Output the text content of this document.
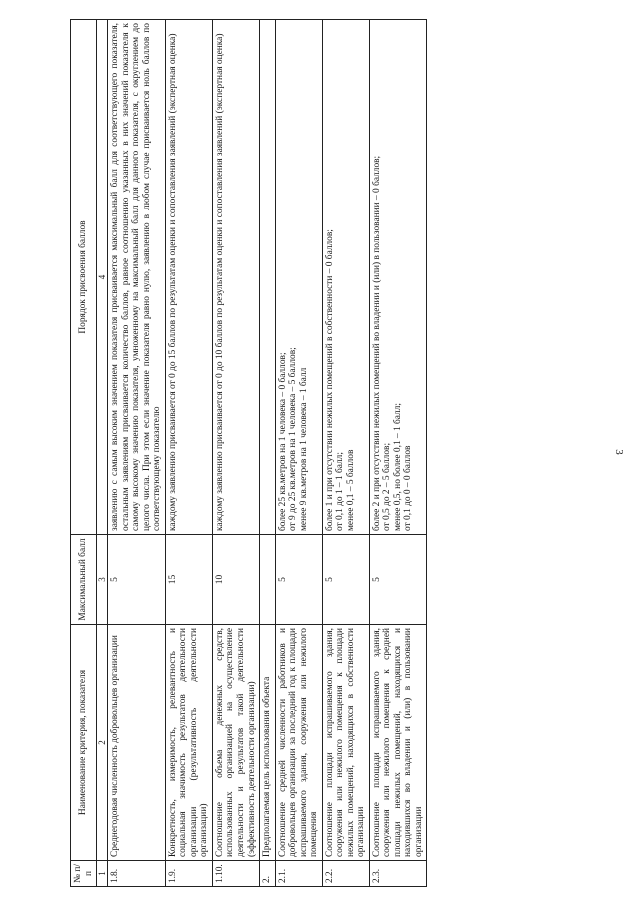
3
№ п/п	Наименование критерия, показателя	Максимальный балл	Порядок присвоения баллов
1	2	3	4
1.8.	Среднегодовая численность добровольцев организации	5	заявлению с самым высоким значением показателя присваивается максимальный балл для соответствующего показателя, остальным заявлениям присваивается количество баллов, равное соотношению указанных в них значений показателя к самому высокому значению показателя, умноженному на максимальный балл для данного показателя, с округлением до целого числа. При этом если значение показателя равно нулю, заявлению в любом случае присваивается ноль баллов по соответствующему показателю
1.9.	Конкретность, измеримость, релевантность и социальная значимость результатов деятельности организации (результативность деятельности организации)	15	каждому заявлению присваивается от 0 до 15 баллов по результатам оценки и сопоставления заявлений (экспертная оценка)
1.10.	Соотношение объема денежных средств, использованных организацией на осуществление деятельности и результатов такой деятельности (эффективность деятельности организации)	10	каждому заявлению присваивается от 0 до 10 баллов по результатам оценки и сопоставления заявлений (экспертная оценка)
2.	Предполагаемая цель использования объекта		
2.1.	Соотношение средней численности работников и добровольцев организации за последний год к площади испрашиваемого здания, сооружения или нежилого помещения	5	более 25 кв.метров на 1 человека – 0 баллов;
от 9 до 25 кв.метров на 1 человека – 5 баллов;
менее 9 кв.метров на 1 человека – 1 балл
2.2.	Соотношение площади испрашиваемого здания, сооружения или нежилого помещения к площади нежилых помещений, находящихся в собственности организации	5	более 1 и при отсутствии нежилых помещений в собственности – 0 баллов;
от 0,1 до 1 – 1 балл;
менее 0,1 – 5 баллов
2.3.	Соотношение площади испрашиваемого здания, сооружения или нежилого помещения к средней площади нежилых помещений, находящихся и находившихся во владении и (или) в пользовании организации	5	более 2 и при отсутствии нежилых помещений во владении и (или) в пользовании – 0 баллов;
от 0,5 до 2 – 5 баллов;
менее 0,5, но более 0,1 – 1 балл;
от 0,1 до 0 – 0 баллов
